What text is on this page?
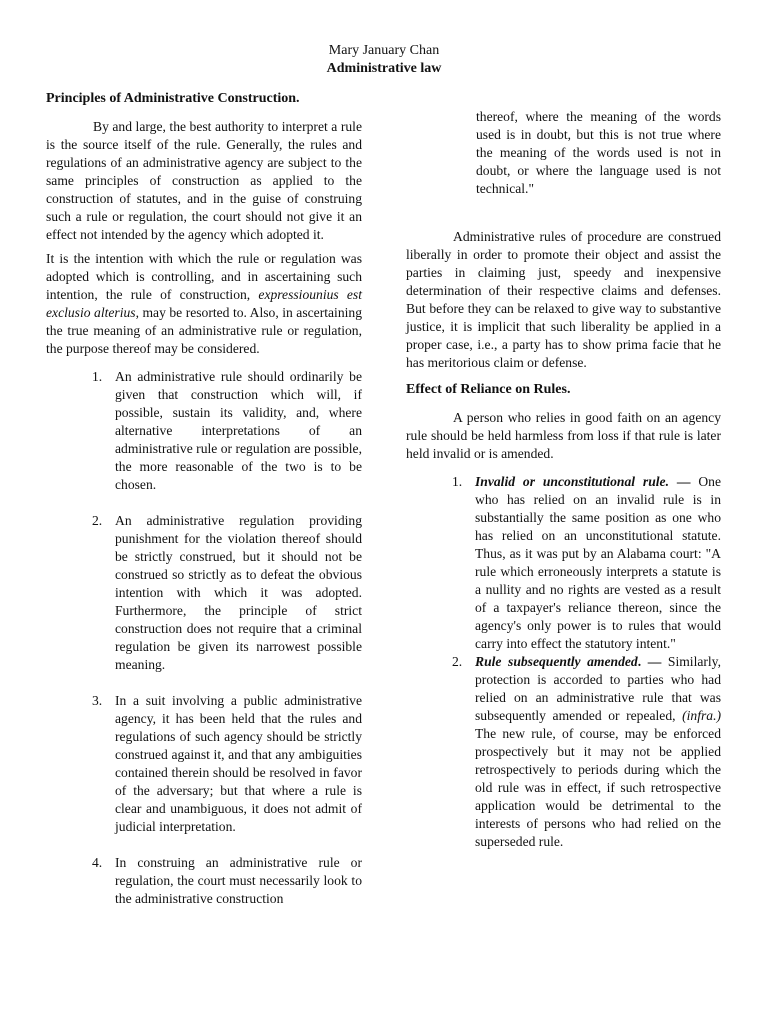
Mary January Chan
Administrative law

Principles of Administrative Construction.

By and large, the best authority to interpret a rule is the source itself of the rule. Generally, the rules and regulations of an administrative agency are subject to the same principles of construction as applied to the construction of statutes, and in the guise of construing such a rule or regulation, the court should not give it an effect not intended by the agency which adopted it.

It is the intention with which the rule or regulation was adopted which is controlling, and in ascertaining such intention, the rule of construction, expressiounius est exclusio alterius, may be resorted to. Also, in ascertaining the true meaning of an administrative rule or regulation, the purpose thereof may be considered.

1. An administrative rule should ordinarily be given that construction which will, if possible, sustain its validity, and, where alternative interpretations of an administrative rule or regulation are possible, the more reasonable of the two is to be chosen.
2. An administrative regulation providing punishment for the violation thereof should be strictly construed, but it should not be construed so strictly as to defeat the obvious intention with which it was adopted. Furthermore, the principle of strict construction does not require that a criminal regulation be given its narrowest possible meaning.
3. In a suit involving a public administrative agency, it has been held that the rules and regulations of such agency should be strictly construed against it, and that any ambiguities contained therein should be resolved in favor of the adversary; but that where a rule is clear and unambiguous, it does not admit of judicial interpretation.
4. In construing an administrative rule or regulation, the court must necessarily look to the administrative construction

thereof, where the meaning of the words used is in doubt, but this is not true where the meaning of the words used is not in doubt, or where the language used is not technical."

Administrative rules of procedure are construed liberally in order to promote their object and assist the parties in claiming just, speedy and inexpensive determination of their respective claims and defenses. But before they can be relaxed to give way to substantive justice, it is implicit that such liberality be applied in a proper case, i.e., a party has to show prima facie that he has meritorious claim or defense.

Effect of Reliance on Rules.

A person who relies in good faith on an agency rule should be held harmless from loss if that rule is later held invalid or is amended.

1. Invalid or unconstitutional rule. — One who has relied on an invalid rule is in substantially the same position as one who has relied on an unconstitutional statute. Thus, as it was put by an Alabama court: "A rule which erroneously interprets a statute is a nullity and no rights are vested as a result of a taxpayer's reliance thereon, since the agency's only power is to rules that would carry into effect the statutory intent."
2. Rule subsequently amended. — Similarly, protection is accorded to parties who had relied on an administrative rule that was subsequently amended or repealed, (infra.) The new rule, of course, may be enforced prospectively but it may not be applied retrospectively to periods during which the old rule was in effect, if such retrospective application would be detrimental to the interests of persons who had relied on the superseded rule.
